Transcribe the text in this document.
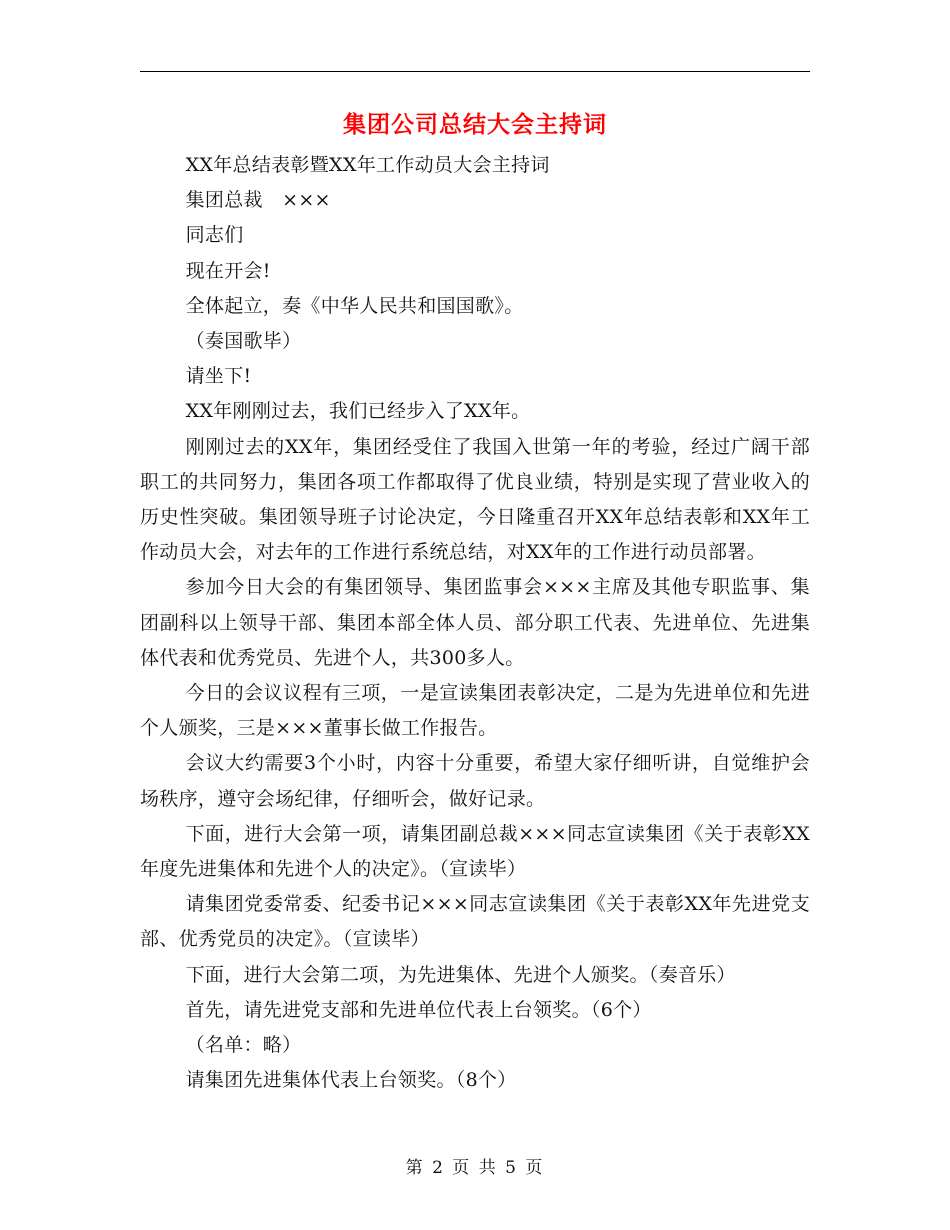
集团公司总结大会主持词

XX年总结表彰暨XX年工作动员大会主持词

集团总裁　×××

同志们

现在开会!

全体起立，奏《中华人民共和国国歌》。

（奏国歌毕）

请坐下!

XX年刚刚过去，我们已经步入了XX年。

刚刚过去的XX年，集团经受住了我国入世第一年的考验，经过广阔干部职工的共同努力，集团各项工作都取得了优良业绩，特别是实现了营业收入的历史性突破。集团领导班子讨论决定，今日隆重召开XX年总结表彰和XX年工作动员大会，对去年的工作进行系统总结，对XX年的工作进行动员部署。

参加今日大会的有集团领导、集团监事会×××主席及其他专职监事、集团副科以上领导干部、集团本部全体人员、部分职工代表、先进单位、先进集体代表和优秀党员、先进个人，共300多人。

今日的会议议程有三项，一是宣读集团表彰决定，二是为先进单位和先进个人颁奖，三是×××董事长做工作报告。

会议大约需要3个小时，内容十分重要，希望大家仔细听讲，自觉维护会场秩序，遵守会场纪律，仔细听会，做好记录。

下面，进行大会第一项，请集团副总裁×××同志宣读集团《关于表彰XX年度先进集体和先进个人的决定》。（宣读毕）

请集团党委常委、纪委书记×××同志宣读集团《关于表彰XX年先进党支部、优秀党员的决定》。（宣读毕）

下面，进行大会第二项，为先进集体、先进个人颁奖。（奏音乐）

首先，请先进党支部和先进单位代表上台领奖。（6个）

（名单：略）

请集团先进集体代表上台领奖。（8个）

第 2 页 共 5 页
